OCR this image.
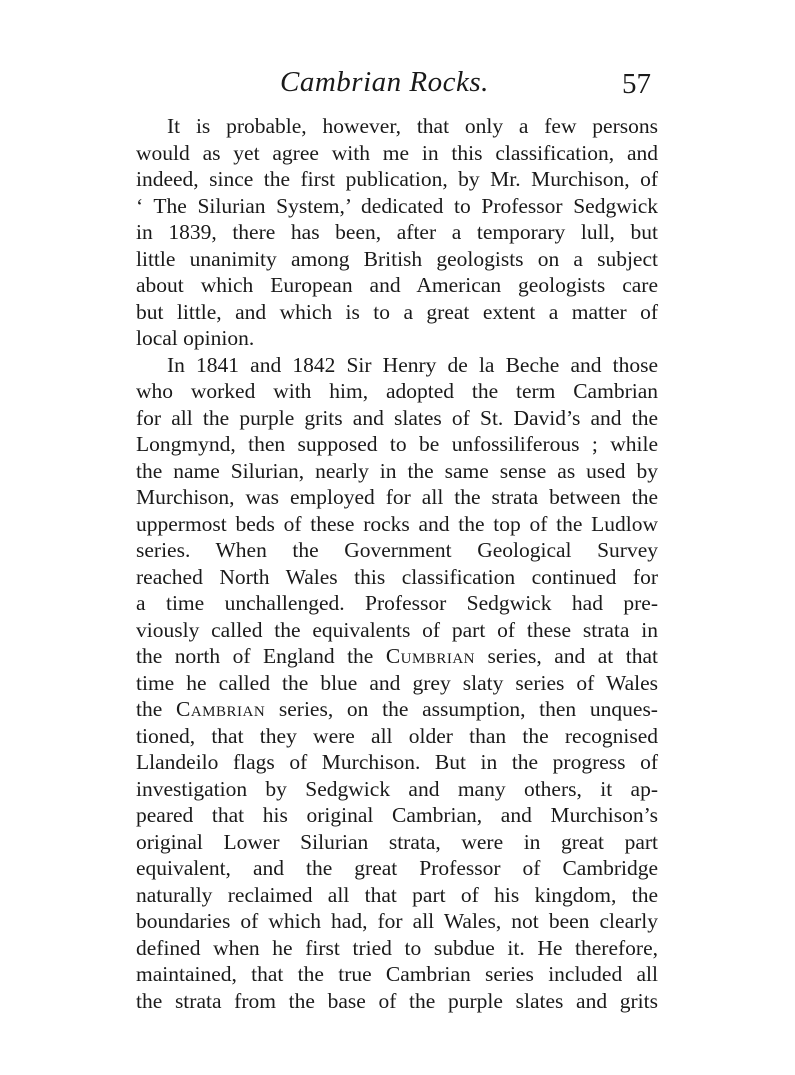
Cambrian Rocks.	57
It is probable, however, that only a few persons
would as yet agree with me in this classification, and
indeed, since the first publication, by Mr. Murchison, of
‘ The Silurian System,’ dedicated to Professor Sedgwick
in 1839, there has been, after a temporary lull, but
little unanimity among British geologists on a subject
about which European and American geologists care
but little, and which is to a great extent a matter of
local opinion.
In 1841 and 1842 Sir Henry de la Beche and those
who worked with him, adopted the term Cambrian
for all the purple grits and slates of St. David’s and the
Longmynd, then supposed to be unfossiliferous ; while
the name Silurian, nearly in the same sense as used by
Murchison, was employed for all the strata between the
uppermost beds of these rocks and the top of the Ludlow
series. When the Government Geological Survey
reached North Wales this classification continued for
a time unchallenged. Professor Sedgwick had pre-
viously called the equivalents of part of these strata in
the north of England the Cumbrian series, and at that
time he called the blue and grey slaty series of Wales
the Cambrian series, on the assumption, then unques-
tioned, that they were all older than the recognised
Llandeilo flags of Murchison. But in the progress of
investigation by Sedgwick and many others, it ap-
peared that his original Cambrian, and Murchison’s
original Lower Silurian strata, were in great part
equivalent, and the great Professor of Cambridge
naturally reclaimed all that part of his kingdom, the
boundaries of which had, for all Wales, not been clearly
defined when he first tried to subdue it. He therefore,
maintained, that the true Cambrian series included all
the strata from the base of the purple slates and grits
